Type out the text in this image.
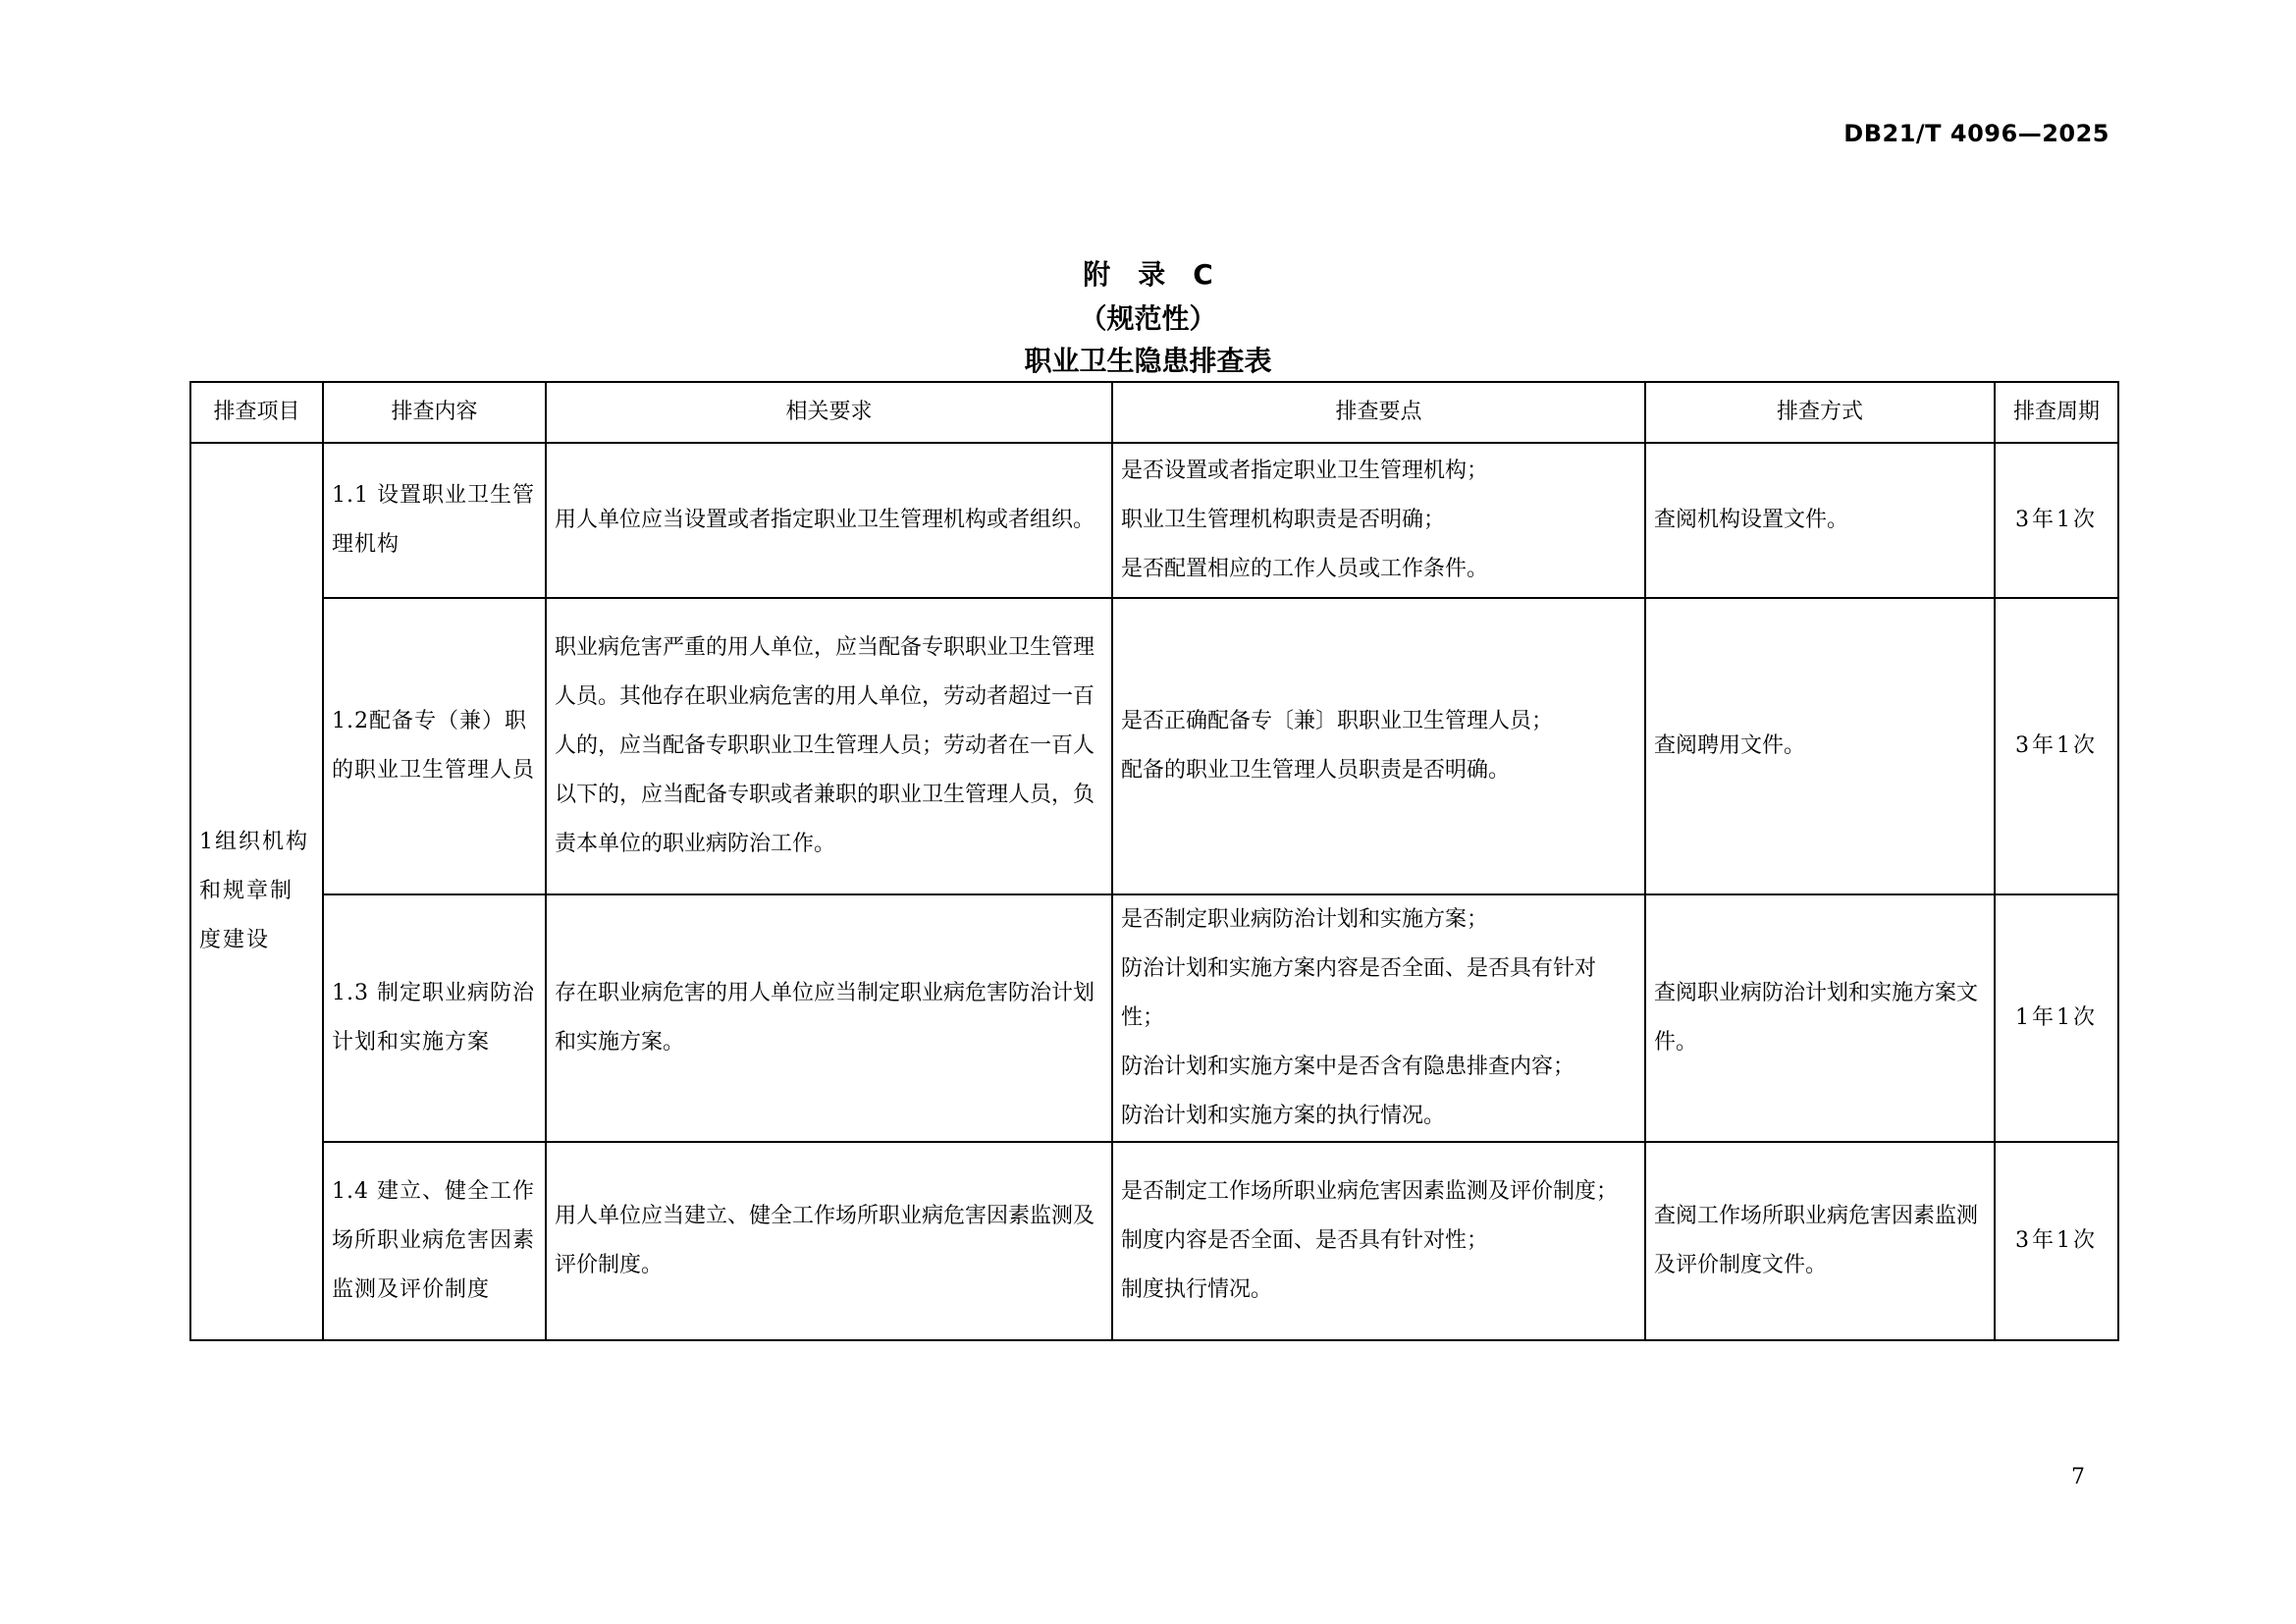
DB21/T 4096—2025
附 录 C
（规范性）
职业卫生隐患排查表
排查项目	排查内容	相关要求	排查要点	排查方式	排查周期
1组织机构和规章制度建设	1.1 设置职业卫生管理机构	用人单位应当设置或者指定职业卫生管理机构或者组织。	是否设置或者指定职业卫生管理机构；
职业卫生管理机构职责是否明确；
是否配置相应的工作人员或工作条件。	查阅机构设置文件。	3年1次
	1.2配备专（兼）职的职业卫生管理人员	职业病危害严重的用人单位，应当配备专职职业卫生管理人员。其他存在职业病危害的用人单位，劳动者超过一百人的，应当配备专职职业卫生管理人员；劳动者在一百人以下的，应当配备专职或者兼职的职业卫生管理人员，负责本单位的职业病防治工作。	是否正确配备专〔兼〕职职业卫生管理人员；
配备的职业卫生管理人员职责是否明确。	查阅聘用文件。	3年1次
	1.3 制定职业病防治计划和实施方案	存在职业病危害的用人单位应当制定职业病危害防治计划和实施方案。	是否制定职业病防治计划和实施方案；
防治计划和实施方案内容是否全面、是否具有针对性；
防治计划和实施方案中是否含有隐患排查内容；
防治计划和实施方案的执行情况。	查阅职业病防治计划和实施方案文件。	1年1次
	1.4 建立、健全工作场所职业病危害因素监测及评价制度	用人单位应当建立、健全工作场所职业病危害因素监测及评价制度。	是否制定工作场所职业病危害因素监测及评价制度；
制度内容是否全面、是否具有针对性；
制度执行情况。	查阅工作场所职业病危害因素监测及评价制度文件。	3年1次
7
